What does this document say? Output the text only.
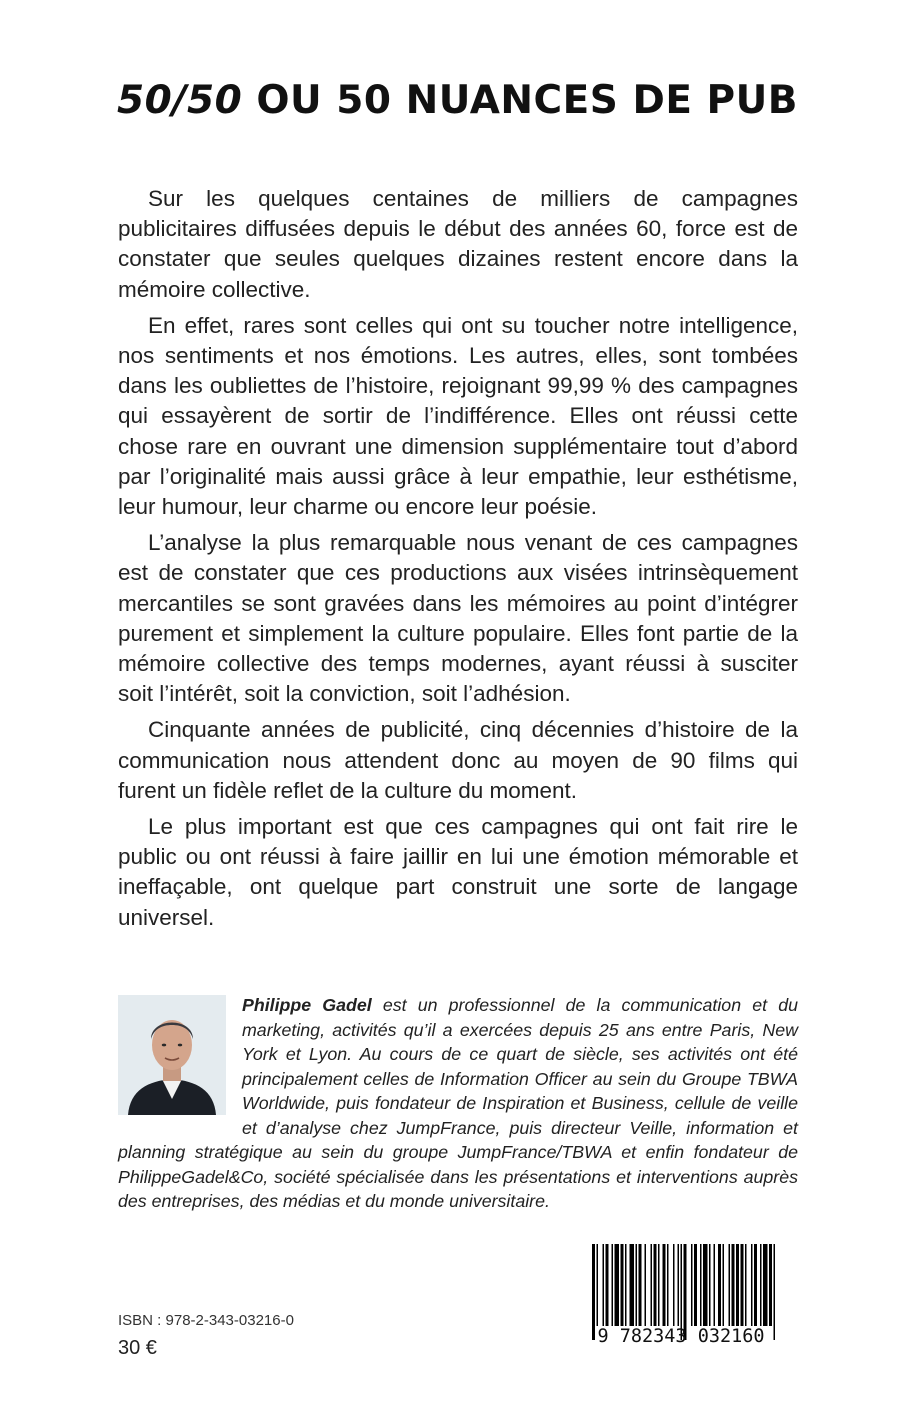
50/50 OU 50 NUANCES DE PUB

Sur les quelques centaines de milliers de campagnes publicitaires diffusées depuis le début des années 60, force est de constater que seules quelques dizaines restent encore dans la mémoire collective.

En effet, rares sont celles qui ont su toucher notre intelligence, nos sentiments et nos émotions. Les autres, elles, sont tombées dans les oubliettes de l’histoire, rejoignant 99,99 % des campagnes qui essayèrent de sortir de l’indifférence. Elles ont réussi cette chose rare en ouvrant une dimension supplémentaire tout d’abord par l’originalité mais aussi grâce à leur empathie, leur esthétisme, leur humour, leur charme ou encore leur poésie.

L’analyse la plus remarquable nous venant de ces campagnes est de constater que ces productions aux visées intrinsèquement mercantiles se sont gravées dans les mémoires au point d’intégrer purement et simplement la culture populaire. Elles font partie de la mémoire collective des temps modernes, ayant réussi à susciter soit l’intérêt, soit la conviction, soit l’adhésion.

Cinquante années de publicité, cinq décennies d’histoire de la communication nous attendent donc au moyen de 90 films qui furent un fidèle reflet de la culture du moment.

Le plus important est que ces campagnes qui ont fait rire le public ou ont réussi à faire jaillir en lui une émotion mémorable et ineffaçable, ont quelque part construit une sorte de langage universel.

Philippe Gadel est un professionnel de la communication et du marketing, activités qu’il a exercées depuis 25 ans entre Paris, New York et Lyon. Au cours de ce quart de siècle, ses activités ont été principalement celles de Information Officer au sein du Groupe TBWA Worldwide, puis fondateur de Inspiration et Business, cellule de veille et d’analyse chez JumpFrance, puis directeur Veille, information et planning stratégique au sein du groupe JumpFrance/TBWA et enfin fondateur de PhilippeGadel&Co, société spécialisée dans les présentations et interventions auprès des entreprises, des médias et du monde universitaire.
ISBN : 978-2-343-03216-0
30 €
9 782343 032160
